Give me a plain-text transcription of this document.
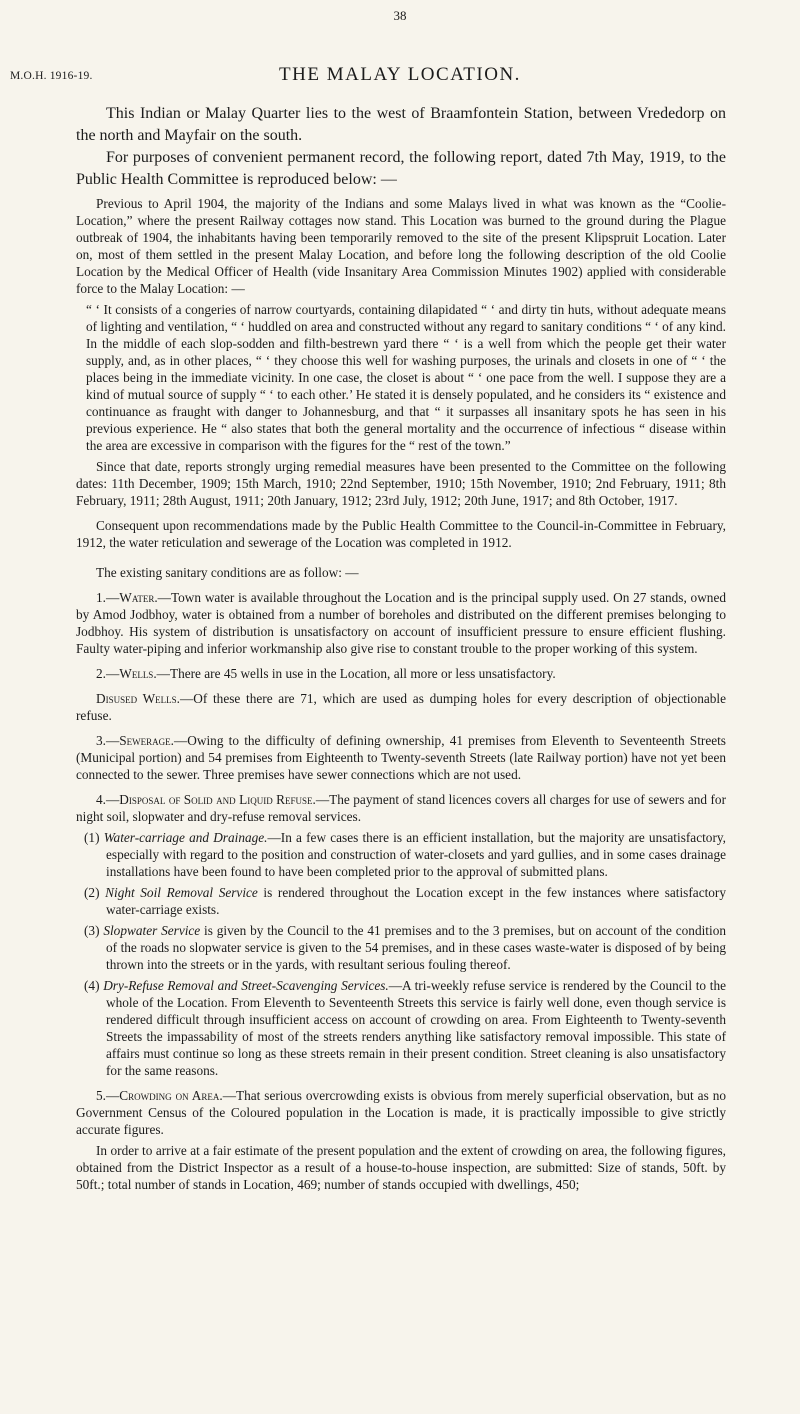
38
M.O.H. 1916-19.	THE MALAY LOCATION.

This Indian or Malay Quarter lies to the west of Braamfontein Station, between Vrededorp on the north and Mayfair on the south.

For purposes of convenient permanent record, the following report, dated 7th May, 1919, to the Public Health Committee is reproduced below: —

Previous to April 1904, the majority of the Indians and some Malays lived in what was known as the “Coolie-Location,” where the present Railway cottages now stand. This Location was burned to the ground during the Plague outbreak of 1904, the inhabitants having been temporarily removed to the site of the present Klipspruit Location. Later on, most of them settled in the present Malay Location, and before long the following description of the old Coolie Location by the Medical Officer of Health (vide Insanitary Area Commission Minutes 1902) applied with considerable force to the Malay Location: —

“ ‘ It consists of a congeries of narrow courtyards, containing dilapidated “ ‘ and dirty tin huts, without adequate means of lighting and ventilation, “ ‘ huddled on area and constructed without any regard to sanitary conditions “ ‘ of any kind. In the middle of each slop-sodden and filth-bestrewn yard there “ ‘ is a well from which the people get their water supply, and, as in other places, “ ‘ they choose this well for washing purposes, the urinals and closets in one of “ ‘ the places being in the immediate vicinity. In one case, the closet is about “ ‘ one pace from the well. I suppose they are a kind of mutual source of supply “ ‘ to each other.’ He stated it is densely populated, and he considers its “ existence and continuance as fraught with danger to Johannesburg, and that “ it surpasses all insanitary spots he has seen in his previous experience. He “ also states that both the general mortality and the occurrence of infectious “ disease within the area are excessive in comparison with the figures for the “ rest of the town.”

Since that date, reports strongly urging remedial measures have been presented to the Committee on the following dates: 11th December, 1909; 15th March, 1910; 22nd September, 1910; 15th November, 1910; 2nd February, 1911; 8th February, 1911; 28th August, 1911; 20th January, 1912; 23rd July, 1912; 20th June, 1917; and 8th October, 1917.

Consequent upon recommendations made by the Public Health Committee to the Council-in-Committee in February, 1912, the water reticulation and sewerage of the Location was completed in 1912.

The existing sanitary conditions are as follow: —

1.—Water.—Town water is available throughout the Location and is the principal supply used. On 27 stands, owned by Amod Jodbhoy, water is obtained from a number of boreholes and distributed on the different premises belonging to Jodbhoy. His system of distribution is unsatisfactory on account of insufficient pressure to ensure efficient flushing. Faulty water-piping and inferior workmanship also give rise to constant trouble to the proper working of this system.

2.—Wells.—There are 45 wells in use in the Location, all more or less unsatisfactory.

Disused Wells.—Of these there are 71, which are used as dumping holes for every description of objectionable refuse.

3.—Sewerage.—Owing to the difficulty of defining ownership, 41 premises from Eleventh to Seventeenth Streets (Municipal portion) and 54 premises from Eighteenth to Twenty-seventh Streets (late Railway portion) have not yet been connected to the sewer. Three premises have sewer connections which are not used.

4.—Disposal of Solid and Liquid Refuse.—The payment of stand licences covers all charges for use of sewers and for night soil, slopwater and dry-refuse removal services.

(1) Water-carriage and Drainage.—In a few cases there is an efficient installation, but the majority are unsatisfactory, especially with regard to the position and construction of water-closets and yard gullies, and in some cases drainage installations have been found to have been completed prior to the approval of submitted plans.

(2) Night Soil Removal Service is rendered throughout the Location except in the few instances where satisfactory water-carriage exists.

(3) Slopwater Service is given by the Council to the 41 premises and to the 3 premises, but on account of the condition of the roads no slopwater service is given to the 54 premises, and in these cases waste-water is disposed of by being thrown into the streets or in the yards, with resultant serious fouling thereof.

(4) Dry-Refuse Removal and Street-Scavenging Services.—A tri-weekly refuse service is rendered by the Council to the whole of the Location. From Eleventh to Seventeenth Streets this service is fairly well done, even though service is rendered difficult through insufficient access on account of crowding on area. From Eighteenth to Twenty-seventh Streets the impassability of most of the streets renders anything like satisfactory removal impossible. This state of affairs must continue so long as these streets remain in their present condition. Street cleaning is also unsatisfactory for the same reasons.

5.—Crowding on Area.—That serious overcrowding exists is obvious from merely superficial observation, but as no Government Census of the Coloured population in the Location is made, it is practically impossible to give strictly accurate figures.

In order to arrive at a fair estimate of the present population and the extent of crowding on area, the following figures, obtained from the District Inspector as a result of a house-to-house inspection, are submitted: Size of stands, 50ft. by 50ft.; total number of stands in Location, 469; number of stands occupied with dwellings, 450;
